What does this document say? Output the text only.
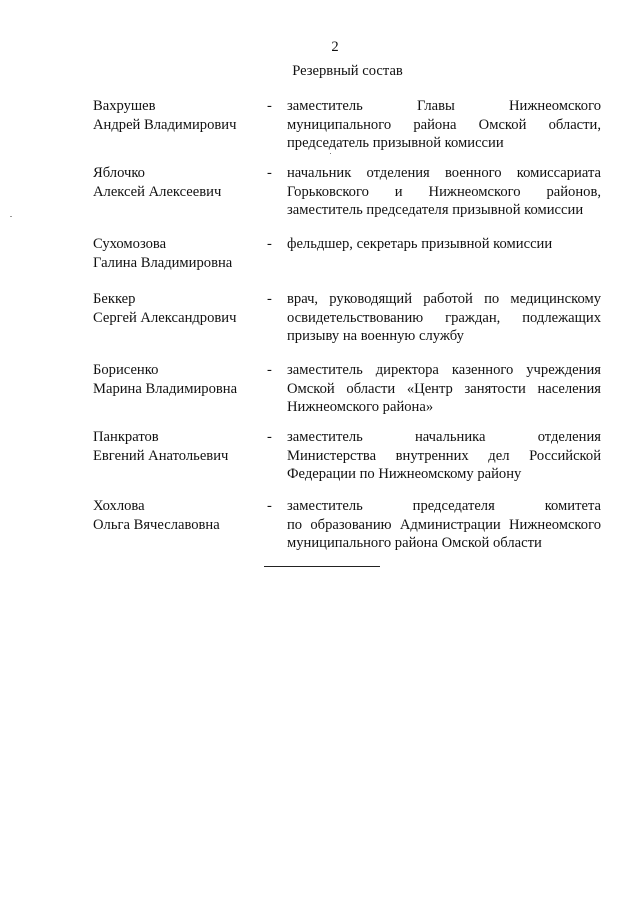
2
Резервный состав
Вахрушев
Андрей Владимирович
- заместитель Главы Нижнеомского
муниципального района Омской области,
председатель призывной комиссии
Яблочко
Алексей Алексеевич
- начальник отделения военного комиссариата
Горьковского и Нижнеомского районов,
заместитель председателя призывной комиссии
Сухомозова
Галина Владимировна
- фельдшер, секретарь призывной комиссии
Беккер
Сергей Александрович
- врач, руководящий работой по медицинскому
освидетельствованию граждан, подлежащих
призыву на военную службу
Борисенко
Марина Владимировна
- заместитель директора казенного учреждения
Омской области «Центр занятости населения
Нижнеомского района»
Панкратов
Евгений Анатольевич
- заместитель начальника отделения
Министерства внутренних дел Российской
Федерации по Нижнеомскому району
Хохлова
Ольга Вячеславовна
- заместитель председателя комитета
по образованию Администрации Нижнеомского
муниципального района Омской области
